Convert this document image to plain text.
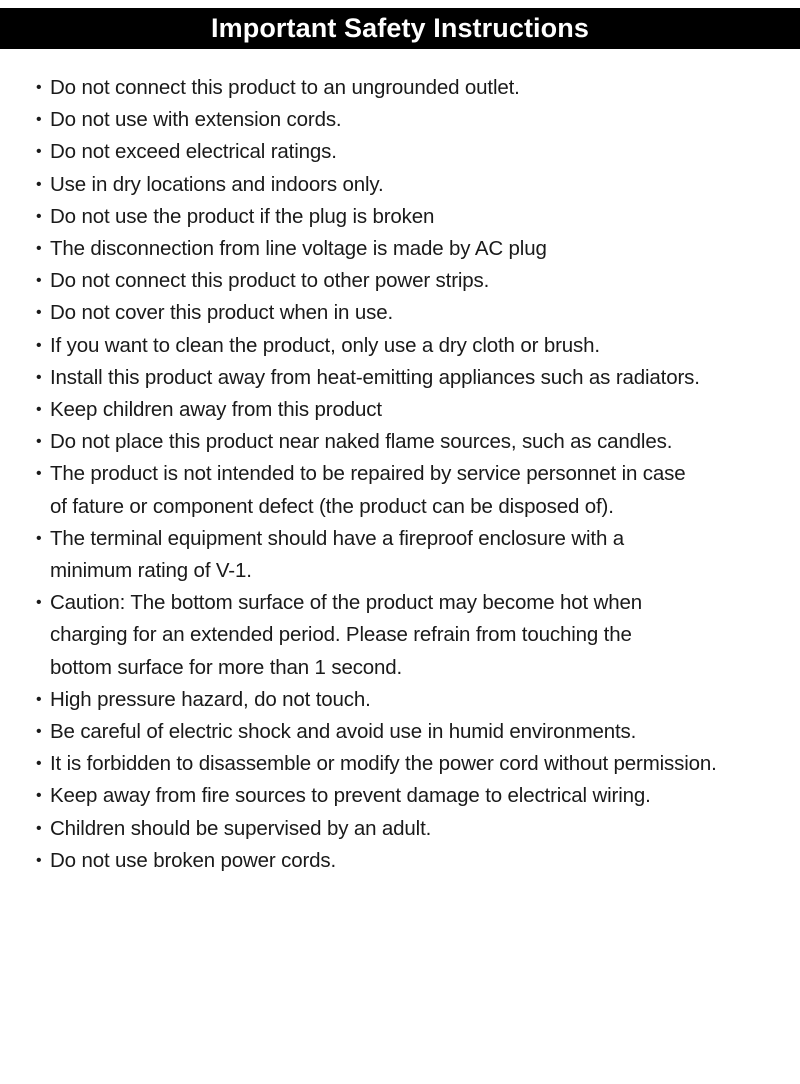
Important Safety Instructions
• Do not connect this product to an ungrounded outlet.
• Do not use with extension cords.
• Do not exceed electrical ratings.
• Use in dry locations and indoors only.
• Do not use the product if the plug is broken
• The disconnection from line voltage is made by AC plug
• Do not connect this product to other power strips.
• Do not cover this product when in use.
• If you want to clean the product, only use a dry cloth or brush.
• Install this product away from heat-emitting appliances such as radiators.
• Keep children away from this product
• Do not place this product near naked flame sources, such as candles.
• The product is not intended to be repaired by service personnet in case
of fature or component defect (the product can be disposed of).
• The terminal equipment should have a fireproof enclosure with a
minimum rating of V-1.
• Caution: The bottom surface of the product may become hot when
charging for an extended period. Please refrain from touching the
bottom surface for more than 1 second.
• High pressure hazard, do not touch.
• Be careful of electric shock and avoid use in humid environments.
• It is forbidden to disassemble or modify the power cord without permission.
• Keep away from fire sources to prevent damage to electrical wiring.
• Children should be supervised by an adult.
• Do not use broken power cords.
